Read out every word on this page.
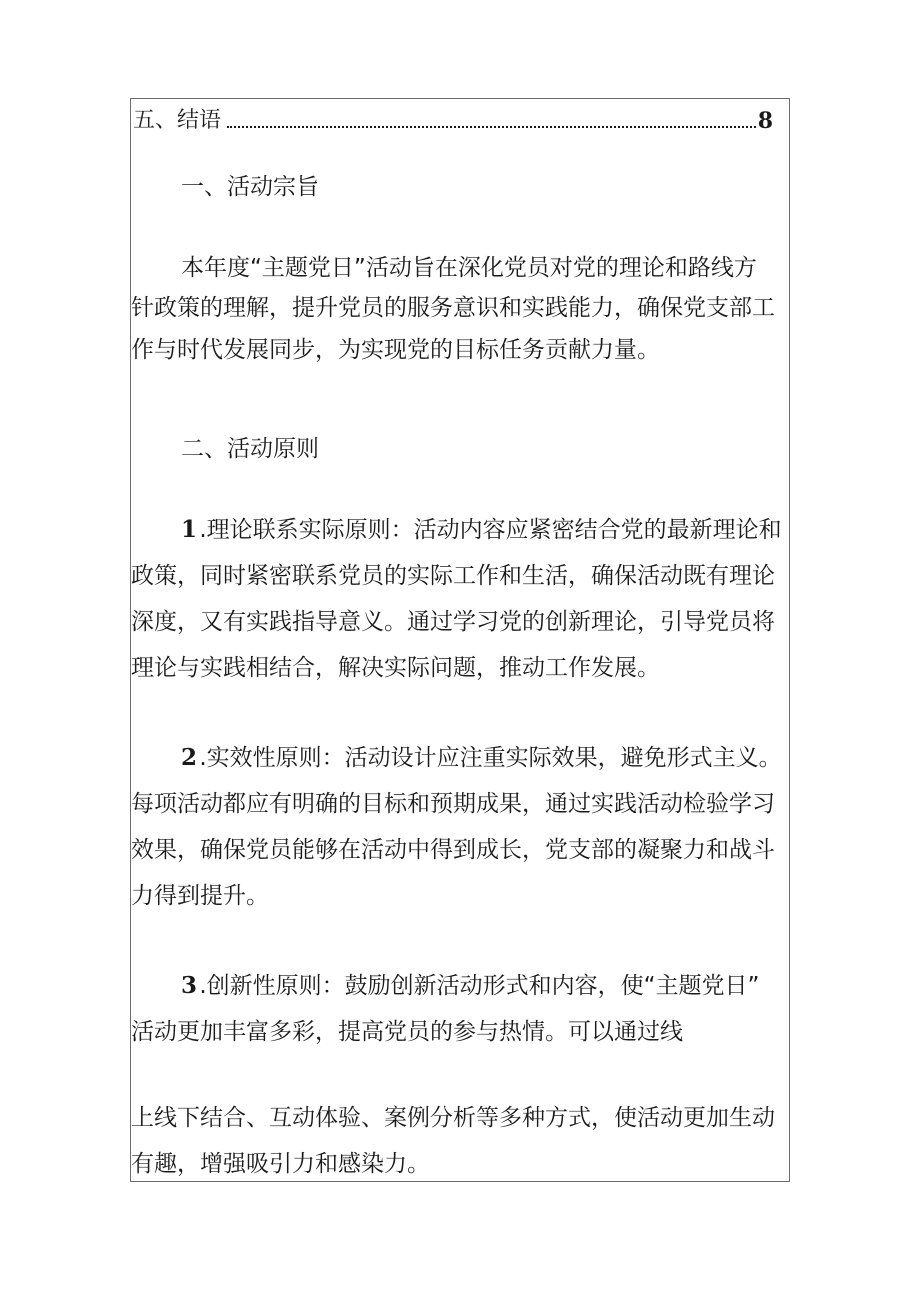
五、结语	8
一、活动宗旨
本年度“主题党日”活动旨在深化党员对党的理论和路线方
针政策的理解，提升党员的服务意识和实践能力，确保党支部工
作与时代发展同步，为实现党的目标任务贡献力量。
二、活动原则
1 .理论联系实际原则：活动内容应紧密结合党的最新理论和
政策，同时紧密联系党员的实际工作和生活，确保活动既有理论
深度，又有实践指导意义。通过学习党的创新理论，引导党员将
理论与实践相结合，解决实际问题，推动工作发展。
2 .实效性原则：活动设计应注重实际效果，避免形式主义。
每项活动都应有明确的目标和预期成果，通过实践活动检验学习
效果，确保党员能够在活动中得到成长，党支部的凝聚力和战斗
力得到提升。
3 .创新性原则：鼓励创新活动形式和内容，使“主题党日”
活动更加丰富多彩，提高党员的参与热情。可以通过线
上线下结合、互动体验、案例分析等多种方式，使活动更加生动
有趣，增强吸引力和感染力。
